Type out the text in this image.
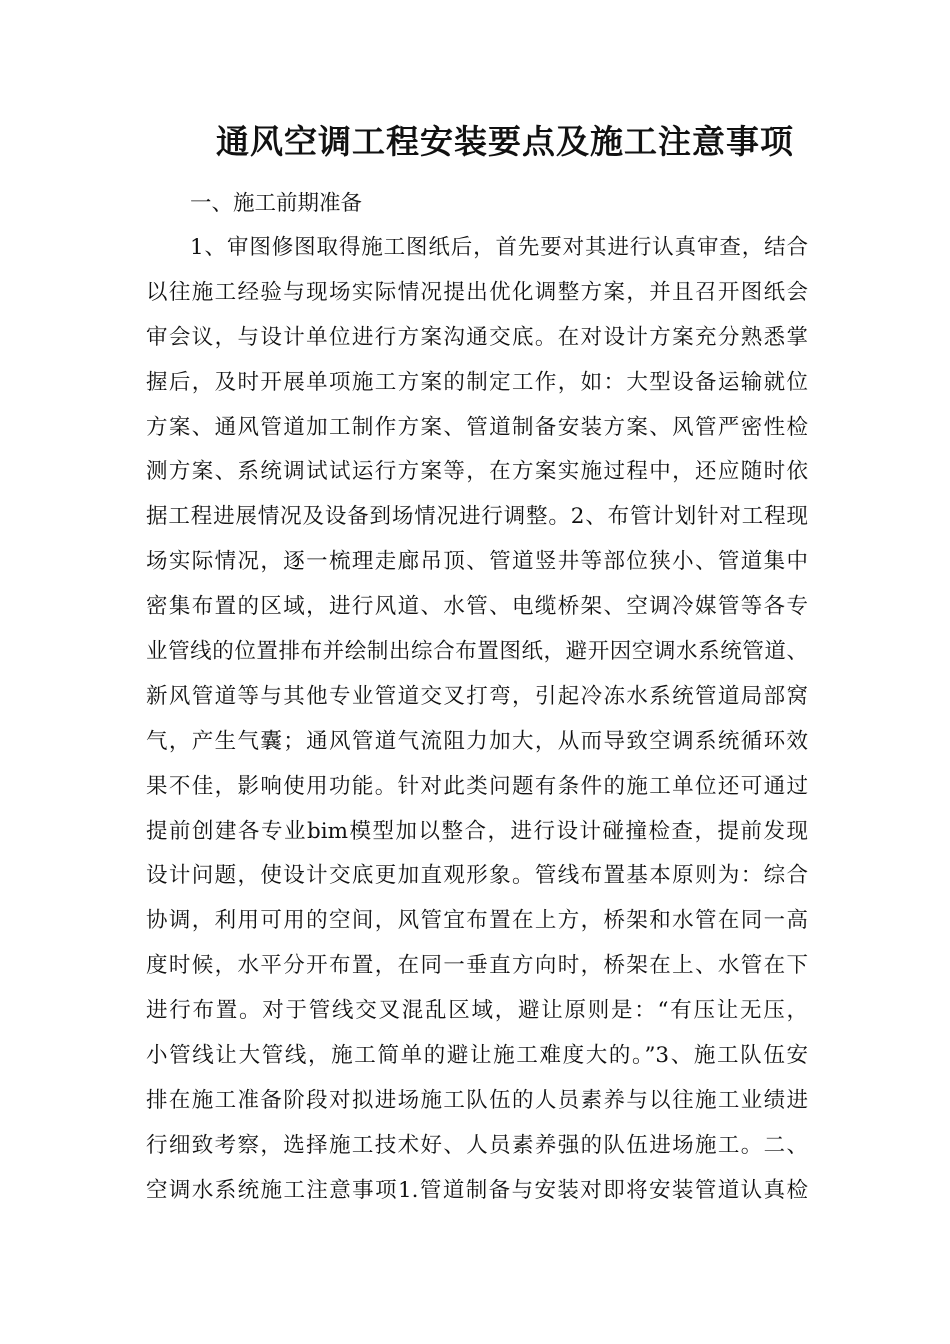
通风空调工程安装要点及施工注意事项

一、施工前期准备

1、审图修图取得施工图纸后，首先要对其进行认真审查，结合

以往施工经验与现场实际情况提出优化调整方案，并且召开图纸会

审会议，与设计单位进行方案沟通交底。在对设计方案充分熟悉掌

握后，及时开展单项施工方案的制定工作，如：大型设备运输就位

方案、通风管道加工制作方案、管道制备安装方案、风管严密性检

测方案、系统调试试运行方案等，在方案实施过程中，还应随时依

据工程进展情况及设备到场情况进行调整。2、布管计划针对工程现

场实际情况，逐一梳理走廊吊顶、管道竖井等部位狭小、管道集中

密集布置的区域，进行风道、水管、电缆桥架、空调冷媒管等各专

业管线的位置排布并绘制出综合布置图纸，避开因空调水系统管道、

新风管道等与其他专业管道交叉打弯，引起冷冻水系统管道局部窝

气，产生气囊；通风管道气流阻力加大，从而导致空调系统循环效

果不佳，影响使用功能。针对此类问题有条件的施工单位还可通过

提前创建各专业bim模型加以整合，进行设计碰撞检查，提前发现

设计问题，使设计交底更加直观形象。管线布置基本原则为：综合

协调，利用可用的空间，风管宜布置在上方，桥架和水管在同一高

度时候，水平分开布置，在同一垂直方向时，桥架在上、水管在下

进行布置。对于管线交叉混乱区域，避让原则是：“有压让无压，

小管线让大管线，施工简单的避让施工难度大的。”3、施工队伍安

排在施工准备阶段对拟进场施工队伍的人员素养与以往施工业绩进

行细致考察，选择施工技术好、人员素养强的队伍进场施工。二、

空调水系统施工注意事项1.管道制备与安装对即将安装管道认真检
